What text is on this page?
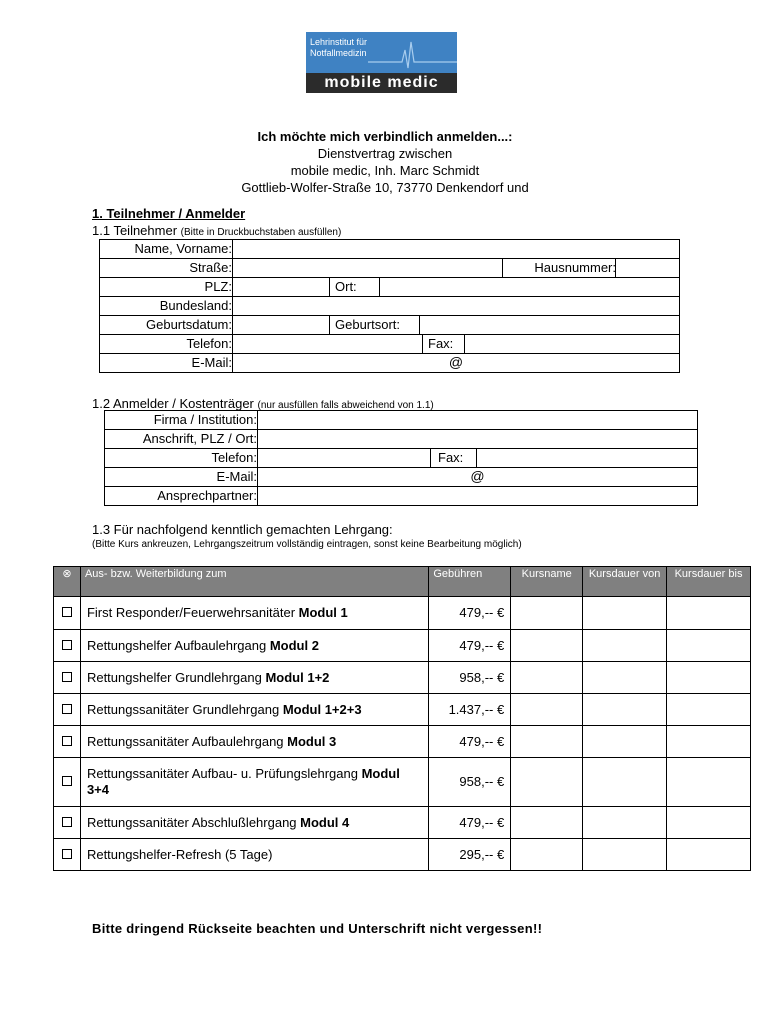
Lehrinstitut für
Notfallmedizin
mobile medic
Ich möchte mich verbindlich anmelden...:
Dienstvertrag zwischen
mobile medic, Inh. Marc Schmidt
Gottlieb-Wolfer-Straße 10, 73770 Denkendorf und
1. Teilnehmer / Anmelder
1.1 Teilnehmer (Bitte in Druckbuchstaben ausfüllen)
Name, Vorname:
Straße:	Hausnummer:
PLZ:	Ort:
Bundesland:
Geburtsdatum:	Geburtsort:
Telefon:	Fax:
E-Mail:	@
1.2 Anmelder / Kostenträger (nur ausfüllen falls abweichend von 1.1)
Firma / Institution:
Anschrift, PLZ / Ort:
Telefon:	Fax:
E-Mail:	@
Ansprechpartner:
1.3 Für nachfolgend kenntlich gemachten Lehrgang:
(Bitte Kurs ankreuzen, Lehrgangszeitrum vollständig eintragen, sonst keine Bearbeitung möglich)
⊗	Aus- bzw. Weiterbildung zum	Gebühren	Kursname	Kursdauer von	Kursdauer bis
	First Responder/Feuerwehrsanitäter Modul 1	479,-- €			
	Rettungshelfer Aufbaulehrgang Modul 2	479,-- €			
	Rettungshelfer Grundlehrgang Modul 1+2	958,-- €			
	Rettungssanitäter Grundlehrgang Modul 1+2+3	1.437,-- €			
	Rettungssanitäter Aufbaulehrgang Modul 3	479,-- €			
	Rettungssanitäter Aufbau- u. Prüfungslehrgang Modul 3+4	958,-- €			
	Rettungssanitäter Abschlußlehrgang Modul 4	479,-- €			
	Rettungshelfer-Refresh (5 Tage)	295,-- €			
Bitte dringend Rückseite beachten und Unterschrift nicht vergessen!!
